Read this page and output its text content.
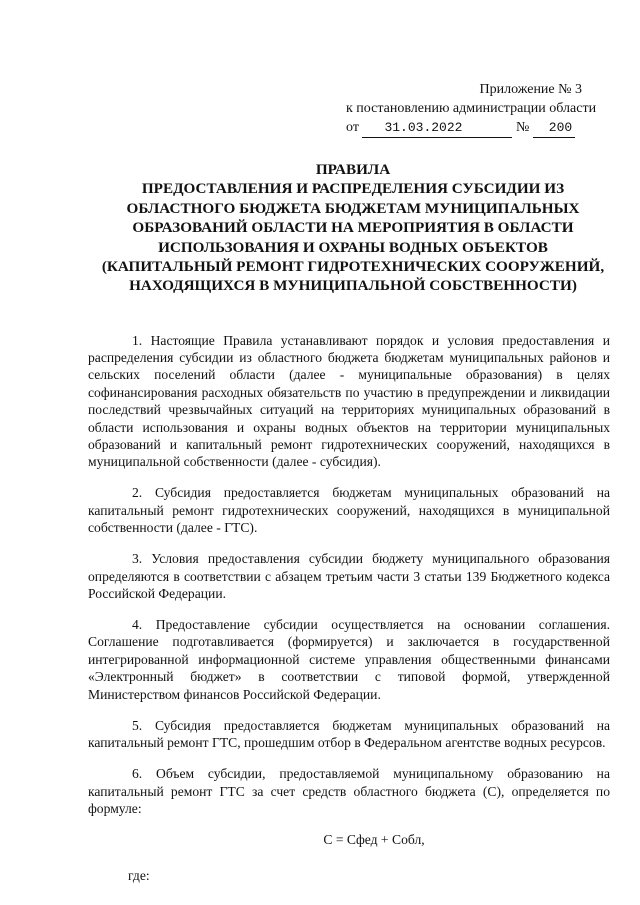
Приложение № 3
к постановлению администрации области
от 31.03.2022	№ 200
ПРАВИЛА
ПРЕДОСТАВЛЕНИЯ И РАСПРЕДЕЛЕНИЯ СУБСИДИИ ИЗ
ОБЛАСТНОГО БЮДЖЕТА БЮДЖЕТАМ МУНИЦИПАЛЬНЫХ
ОБРАЗОВАНИЙ ОБЛАСТИ НА МЕРОПРИЯТИЯ В ОБЛАСТИ
ИСПОЛЬЗОВАНИЯ И ОХРАНЫ ВОДНЫХ ОБЪЕКТОВ
(КАПИТАЛЬНЫЙ РЕМОНТ ГИДРОТЕХНИЧЕСКИХ СООРУЖЕНИЙ,
НАХОДЯЩИХСЯ В МУНИЦИПАЛЬНОЙ СОБСТВЕННОСТИ)

1. Настоящие Правила устанавливают порядок и условия предоставления и распределения субсидии из областного бюджета бюджетам муниципальных районов и сельских поселений области (далее - муниципальные образования) в целях софинансирования расходных обязательств по участию в предупреждении и ликвидации последствий чрезвычайных ситуаций на территориях муниципальных образований в области использования и охраны водных объектов на территории муниципальных образований и капитальный ремонт гидротехнических сооружений, находящихся в муниципальной собственности (далее - субсидия).

2. Субсидия предоставляется бюджетам муниципальных образований на капитальный ремонт гидротехнических сооружений, находящихся в муниципальной собственности (далее - ГТС).

3. Условия предоставления субсидии бюджету муниципального образования определяются в соответствии с абзацем третьим части 3 статьи 139 Бюджетного кодекса Российской Федерации.

4. Предоставление субсидии осуществляется на основании соглашения. Соглашение подготавливается (формируется) и заключается в государственной интегрированной информационной системе управления общественными финансами «Электронный бюджет» в соответствии с типовой формой, утвержденной Министерством финансов Российской Федерации.

5. Субсидия предоставляется бюджетам муниципальных образований на капитальный ремонт ГТС, прошедшим отбор в Федеральном агентстве водных ресурсов.

6. Объем субсидии, предоставляемой муниципальному образованию на капитальный ремонт ГТС за счет средств областного бюджета (С), определяется по формуле:

С = Сфед + Собл,
где:
